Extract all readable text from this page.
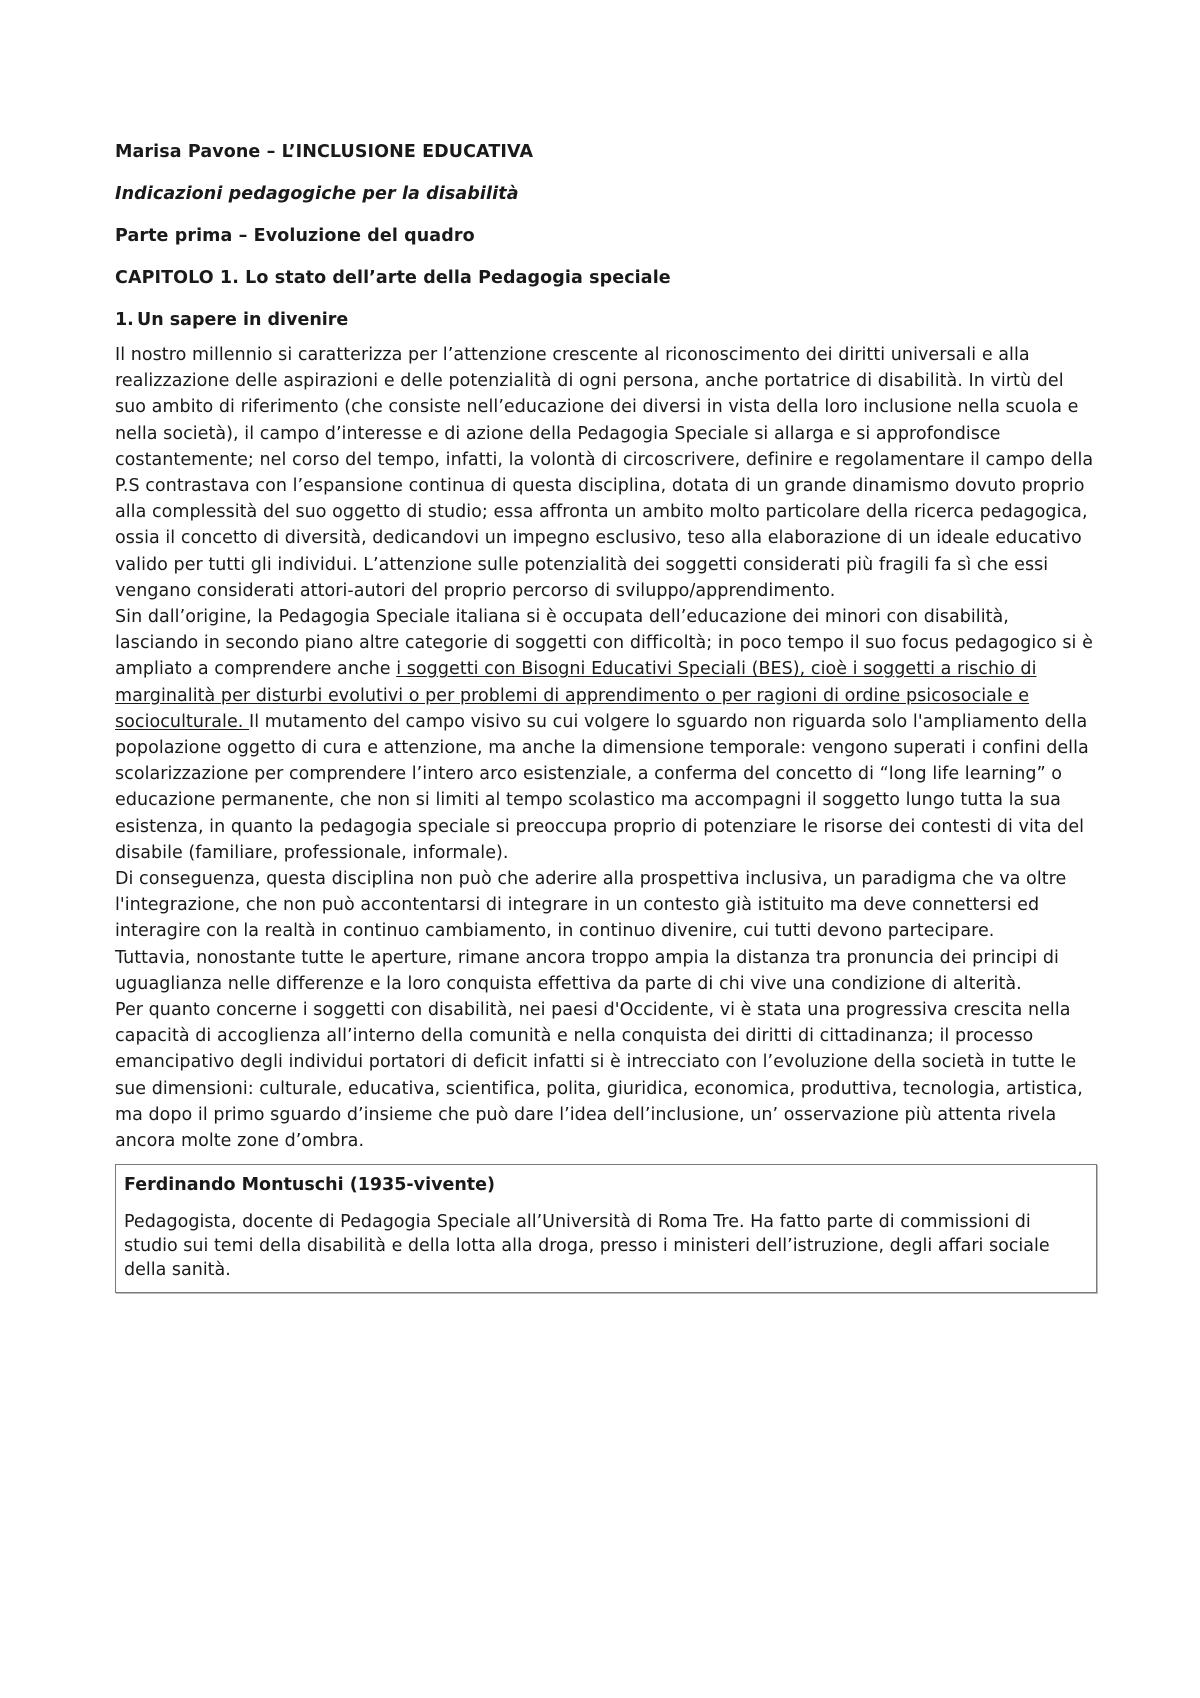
Marisa Pavone – L’INCLUSIONE EDUCATIVA
Indicazioni pedagogiche per la disabilità
Parte prima – Evoluzione del quadro
CAPITOLO 1. Lo stato dell’arte della Pedagogia speciale
1. Un sapere in divenire

Il nostro millennio si caratterizza per l’attenzione crescente al riconoscimento dei diritti universali e alla realizzazione delle aspirazioni e delle potenzialità di ogni persona, anche portatrice di disabilità. In virtù del suo ambito di riferimento (che consiste nell’educazione dei diversi in vista della loro inclusione nella scuola e nella società), il campo d’interesse e di azione della Pedagogia Speciale si allarga e si approfondisce costantemente; nel corso del tempo, infatti, la volontà di circoscrivere, definire e regolamentare il campo della P.S contrastava con l’espansione continua di questa disciplina, dotata di un grande dinamismo dovuto proprio alla complessità del suo oggetto di studio; essa affronta un ambito molto particolare della ricerca pedagogica, ossia il concetto di diversità, dedicandovi un impegno esclusivo, teso alla elaborazione di un ideale educativo valido per tutti gli individui. L’attenzione sulle potenzialità dei soggetti considerati più fragili fa sì che essi vengano considerati attori-autori del proprio percorso di sviluppo/apprendimento.

Sin dall’origine, la Pedagogia Speciale italiana si è occupata dell’educazione dei minori con disabilità, lasciando in secondo piano altre categorie di soggetti con difficoltà; in poco tempo il suo focus pedagogico si è ampliato a comprendere anche i soggetti con Bisogni Educativi Speciali (BES), cioè i soggetti a rischio di marginalità per disturbi evolutivi o per problemi di apprendimento o per ragioni di ordine psicosociale e socioculturale. Il mutamento del campo visivo su cui volgere lo sguardo non riguarda solo l'ampliamento della popolazione oggetto di cura e attenzione, ma anche la dimensione temporale: vengono superati i confini della scolarizzazione per comprendere l’intero arco esistenziale, a conferma del concetto di “long life learning” o educazione permanente, che non si limiti al tempo scolastico ma accompagni il soggetto lungo tutta la sua esistenza, in quanto la pedagogia speciale si preoccupa proprio di potenziare le risorse dei contesti di vita del disabile (familiare, professionale, informale).

Di conseguenza, questa disciplina non può che aderire alla prospettiva inclusiva, un paradigma che va oltre l'integrazione, che non può accontentarsi di integrare in un contesto già istituito ma deve connettersi ed interagire con la realtà in continuo cambiamento, in continuo divenire, cui tutti devono partecipare.

Tuttavia, nonostante tutte le aperture, rimane ancora troppo ampia la distanza tra pronuncia dei principi di uguaglianza nelle differenze e la loro conquista effettiva da parte di chi vive una condizione di alterità.

Per quanto concerne i soggetti con disabilità, nei paesi d'Occidente, vi è stata una progressiva crescita nella capacità di accoglienza all’interno della comunità e nella conquista dei diritti di cittadinanza; il processo emancipativo degli individui portatori di deficit infatti si è intrecciato con l’evoluzione della società in tutte le sue dimensioni: culturale, educativa, scientifica, polita, giuridica, economica, produttiva, tecnologia, artistica, ma dopo il primo sguardo d’insieme che può dare l’idea dell’inclusione, un’ osservazione più attenta rivela ancora molte zone d’ombra.

Ferdinando Montuschi (1935-vivente)
Pedagogista, docente di Pedagogia Speciale all’Università di Roma Tre. Ha fatto parte di commissioni di studio sui temi della disabilità e della lotta alla droga, presso i ministeri dell’istruzione, degli affari sociale della sanità.
